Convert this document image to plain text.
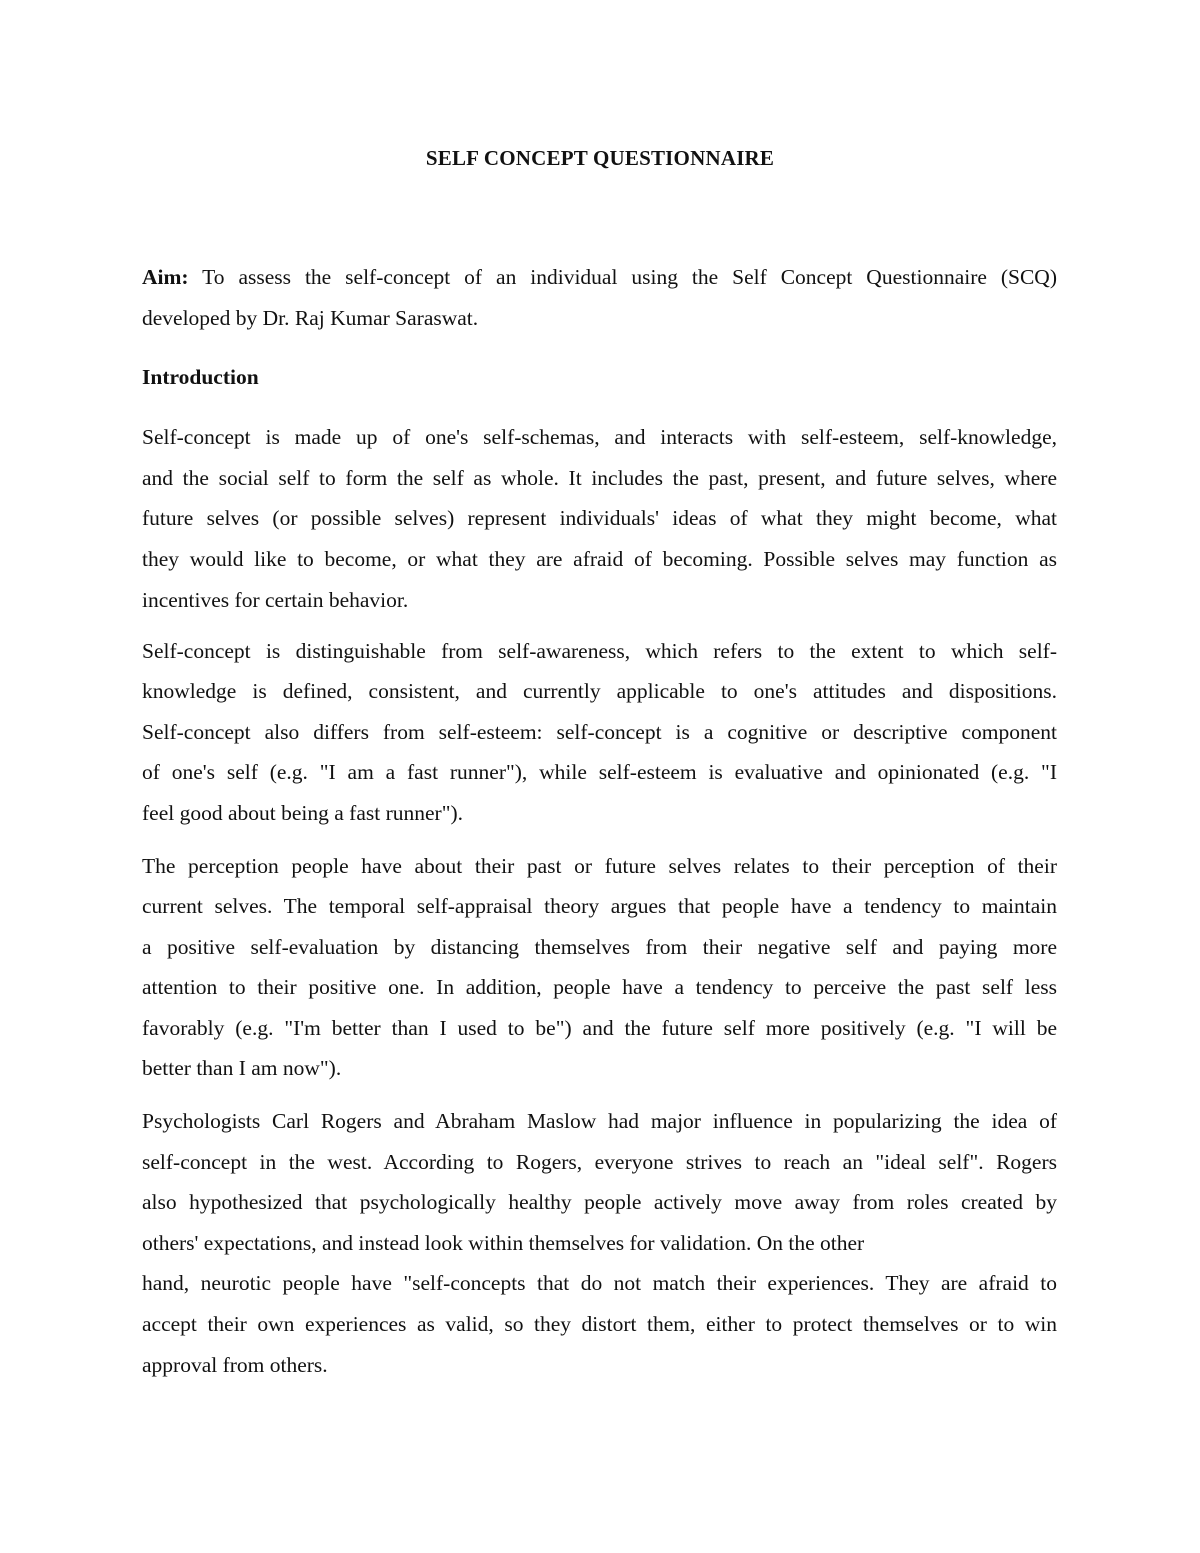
SELF CONCEPT QUESTIONNAIRE
Aim: To assess the self-concept of an individual using the Self Concept Questionnaire (SCQ)
developed by Dr. Raj Kumar Saraswat.
Introduction
Self-concept is made up of one's self-schemas, and interacts with self-esteem, self-knowledge,
and the social self to form the self as whole. It includes the past, present, and future selves, where
future selves (or possible selves) represent individuals' ideas of what they might become, what
they would like to become, or what they are afraid of becoming. Possible selves may function as
incentives for certain behavior.
Self-concept is distinguishable from self-awareness, which refers to the extent to which self-
knowledge is defined, consistent, and currently applicable to one's attitudes and dispositions.
Self-concept also differs from self-esteem: self-concept is a cognitive or descriptive component
of one's self (e.g. "I am a fast runner"), while self-esteem is evaluative and opinionated (e.g. "I
feel good about being a fast runner").
The perception people have about their past or future selves relates to their perception of their
current selves. The temporal self-appraisal theory argues that people have a tendency to maintain
a positive self-evaluation by distancing themselves from their negative self and paying more
attention to their positive one. In addition, people have a tendency to perceive the past self less
favorably (e.g. "I'm better than I used to be") and the future self more positively (e.g. "I will be
better than I am now").
Psychologists Carl Rogers and Abraham Maslow had major influence in popularizing the idea of
self-concept in the west. According to Rogers, everyone strives to reach an "ideal self". Rogers
also hypothesized that psychologically healthy people actively move away from roles created by
others' expectations, and instead look within themselves for validation. On the other
hand, neurotic people have "self-concepts that do not match their experiences. They are afraid to
accept their own experiences as valid, so they distort them, either to protect themselves or to win
approval from others.
